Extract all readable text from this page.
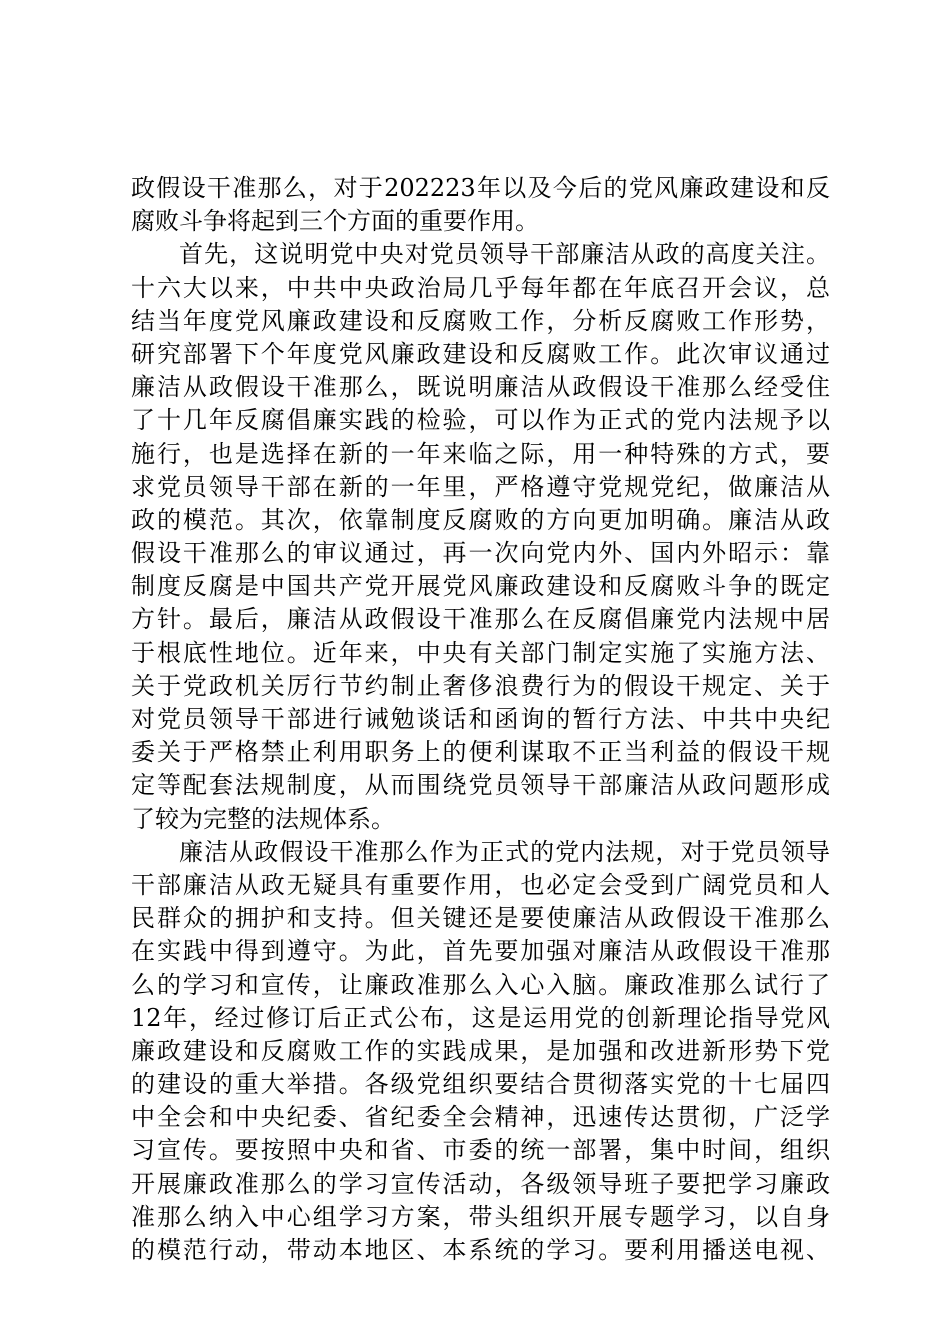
政假设干准那么，对于202223年以及今后的党风廉政建设和反
腐败斗争将起到三个方面的重要作用。
首先，这说明党中央对党员领导干部廉洁从政的高度关注。
十六大以来，中共中央政治局几乎每年都在年底召开会议，总
结当年度党风廉政建设和反腐败工作，分析反腐败工作形势，
研究部署下个年度党风廉政建设和反腐败工作。此次审议通过
廉洁从政假设干准那么，既说明廉洁从政假设干准那么经受住
了十几年反腐倡廉实践的检验，可以作为正式的党内法规予以
施行，也是选择在新的一年来临之际，用一种特殊的方式，要
求党员领导干部在新的一年里，严格遵守党规党纪，做廉洁从
政的模范。其次，依靠制度反腐败的方向更加明确。廉洁从政
假设干准那么的审议通过，再一次向党内外、国内外昭示：靠
制度反腐是中国共产党开展党风廉政建设和反腐败斗争的既定
方针。最后，廉洁从政假设干准那么在反腐倡廉党内法规中居
于根底性地位。近年来，中央有关部门制定实施了实施方法、
关于党政机关厉行节约制止奢侈浪费行为的假设干规定、关于
对党员领导干部进行诫勉谈话和函询的暂行方法、中共中央纪
委关于严格禁止利用职务上的便利谋取不正当利益的假设干规
定等配套法规制度，从而围绕党员领导干部廉洁从政问题形成
了较为完整的法规体系。
廉洁从政假设干准那么作为正式的党内法规，对于党员领导
干部廉洁从政无疑具有重要作用，也必定会受到广阔党员和人
民群众的拥护和支持。但关键还是要使廉洁从政假设干准那么
在实践中得到遵守。为此，首先要加强对廉洁从政假设干准那
么的学习和宣传，让廉政准那么入心入脑。廉政准那么试行了
12年，经过修订后正式公布，这是运用党的创新理论指导党风
廉政建设和反腐败工作的实践成果，是加强和改进新形势下党
的建设的重大举措。各级党组织要结合贯彻落实党的十七届四
中全会和中央纪委、省纪委全会精神，迅速传达贯彻，广泛学
习宣传。要按照中央和省、市委的统一部署，集中时间，组织
开展廉政准那么的学习宣传活动，各级领导班子要把学习廉政
准那么纳入中心组学习方案，带头组织开展专题学习，以自身
的模范行动，带动本地区、本系统的学习。要利用播送电视、
